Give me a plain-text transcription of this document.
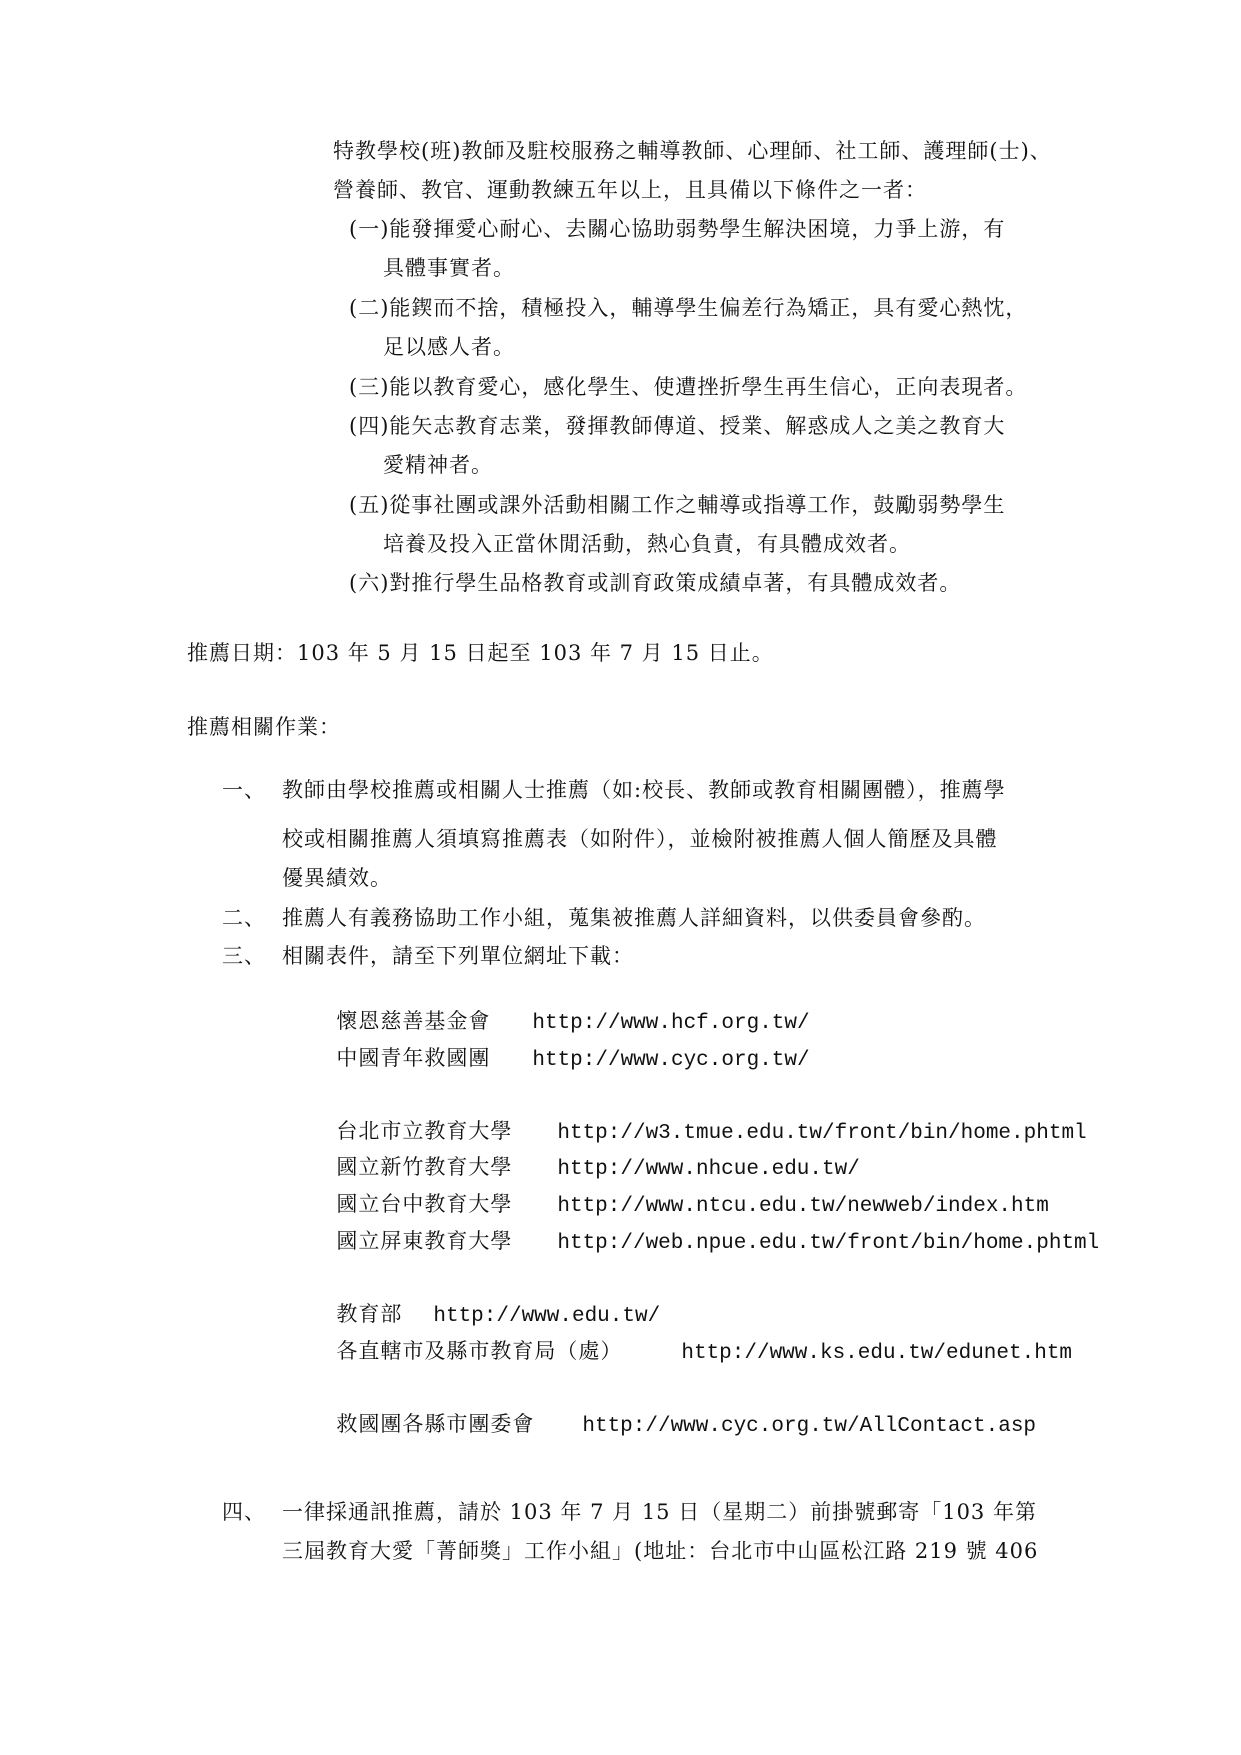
特教學校(班)教師及駐校服務之輔導教師、心理師、社工師、護理師(士)、
營養師、教官、運動教練五年以上，且具備以下條件之一者：
(一)能發揮愛心耐心、去關心協助弱勢學生解決困境，力爭上游，有
具體事實者。
(二)能鍥而不捨，積極投入，輔導學生偏差行為矯正，具有愛心熱忱，
足以感人者。
(三)能以教育愛心，感化學生、使遭挫折學生再生信心，正向表現者。
(四)能矢志教育志業，發揮教師傳道、授業、解惑成人之美之教育大
愛精神者。
(五)從事社團或課外活動相關工作之輔導或指導工作，鼓勵弱勢學生
培養及投入正當休閒活動，熱心負責，有具體成效者。
(六)對推行學生品格教育或訓育政策成績卓著，有具體成效者。
推薦日期：103 年 5 月 15 日起至 103 年 7 月 15 日止。
推薦相關作業：
一、 教師由學校推薦或相關人士推薦（如:校長、教師或教育相關團體），推薦學
校或相關推薦人須填寫推薦表（如附件），並檢附被推薦人個人簡歷及具體
優異績效。
二、 推薦人有義務協助工作小組，蒐集被推薦人詳細資料，以供委員會參酌。
三、 相關表件，請至下列單位網址下載：

懷恩慈善基金會 http://www.hcf.org.tw/

中國青年救國團 http://www.cyc.org.tw/

台北市立教育大學 http://w3.tmue.edu.tw/front/bin/home.phtml

國立新竹教育大學 http://www.nhcue.edu.tw/

國立台中教育大學 http://www.ntcu.edu.tw/newweb/index.htm

國立屏東教育大學 http://web.npue.edu.tw/front/bin/home.phtml

教育部 http://www.edu.tw/

各直轄市及縣市教育局（處）	http://www.ks.edu.tw/edunet.htm

救國團各縣市團委會 http://www.cyc.org.tw/AllContact.asp

四、 一律採通訊推薦，請於 103 年 7 月 15 日（星期二）前掛號郵寄「103 年第
三屆教育大愛「菁師獎」工作小組」(地址：台北市中山區松江路 219 號 406
